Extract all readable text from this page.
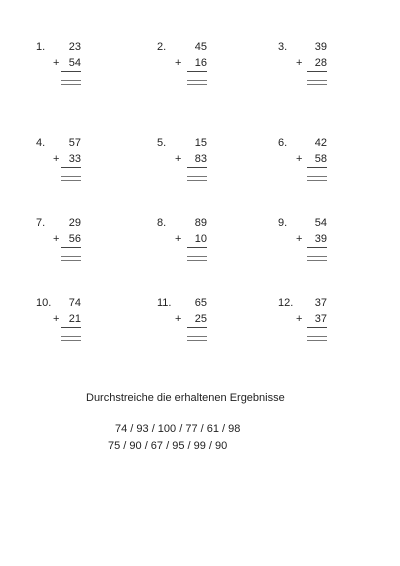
1. 23
+ 54
2.	45
+	16
3.	39
+	28
4. 57
+ 33
5.	15
+	83
6.	42
+	58
7. 29
+ 56
8.	89
+	10
9.	54
+	39
10. 74
+ 21
11. 65
+	25
12. 37
+	37
Durchstreiche die erhaltenen Ergebnisse
74 / 93 / 100 / 77 / 61 / 98
75 / 90 / 67 / 95 / 99 / 90
